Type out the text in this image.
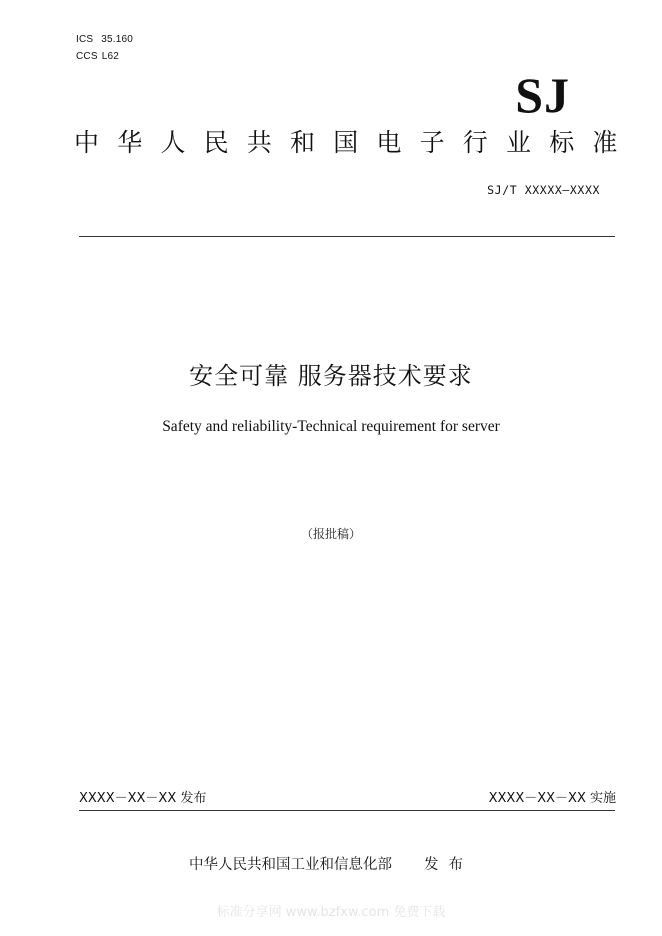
ICS 35.160
CCS L62
SJ
中华人民共和国电子行业标准
SJ/T XXXXX—XXXX
安全可靠 服务器技术要求
Safety and reliability-Technical requirement for server
（报批稿）
XXXX－XX－XX 发布	XXXX－XX－XX 实施
中华人民共和国工业和信息化部 发布
标准分享网 www.bzfxw.com 免费下载
